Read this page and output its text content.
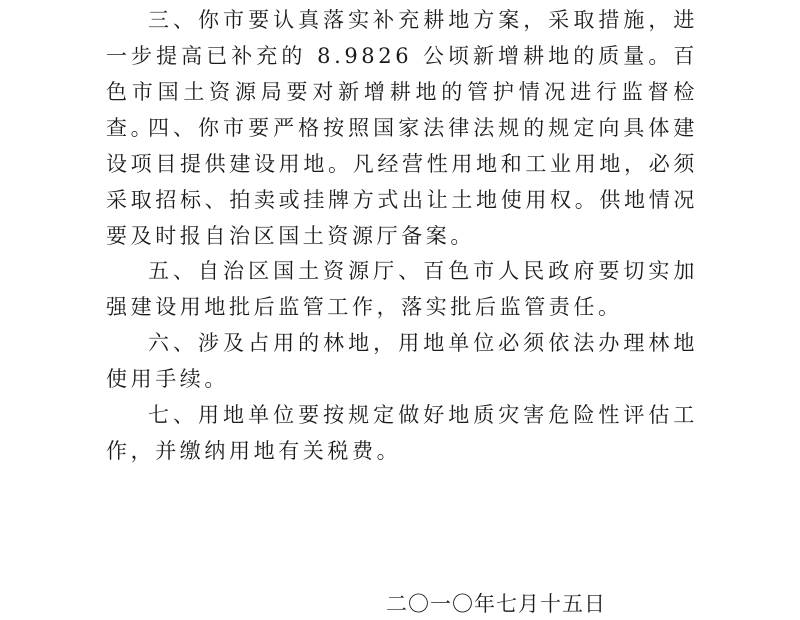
三、你市要认真落实补充耕地方案，采取措施，进一步提高已补充的 8.9826 公顷新增耕地的质量。百色市国土资源局要对新增耕地的管护情况进行监督检查。

四、你市要严格按照国家法律法规的规定向具体建设项目提供建设用地。凡经营性用地和工业用地，必须采取招标、拍卖或挂牌方式出让土地使用权。供地情况要及时报自治区国土资源厅备案。

五、自治区国土资源厅、百色市人民政府要切实加强建设用地批后监管工作，落实批后监管责任。

六、涉及占用的林地，用地单位必须依法办理林地使用手续。

七、用地单位要按规定做好地质灾害危险性评估工作，并缴纳用地有关税费。

二〇一〇年七月十五日
